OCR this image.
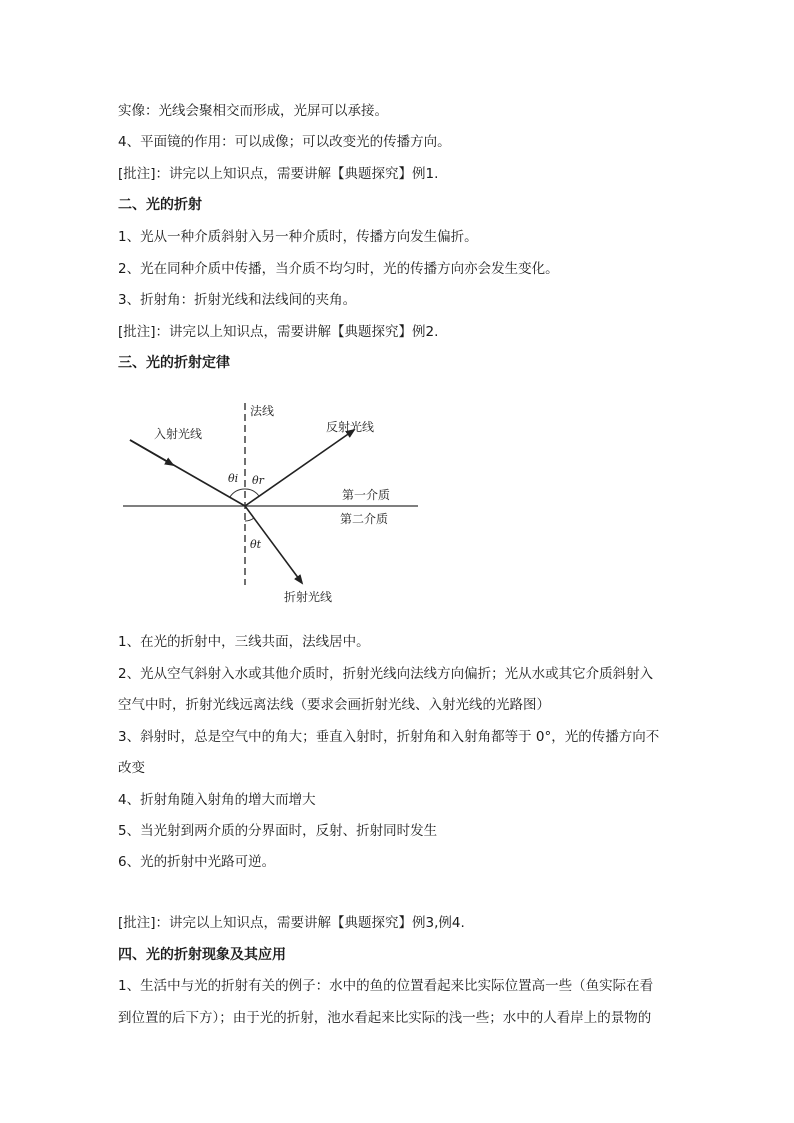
实像：光线会聚相交而形成，光屏可以承接。
4、平面镜的作用：可以成像；可以改变光的传播方向。
[批注]：讲完以上知识点，需要讲解【典题探究】例1.
二、光的折射
1、光从一种介质斜射入另一种介质时，传播方向发生偏折。
2、光在同种介质中传播，当介质不均匀时，光的传播方向亦会发生变化。
3、折射角：折射光线和法线间的夹角。
[批注]：讲完以上知识点，需要讲解【典题探究】例2.
三、光的折射定律
法线
入射光线	反射光线
θi θr
第一介质
第二介质
θt
折射光线
1、在光的折射中，三线共面，法线居中。
2、光从空气斜射入水或其他介质时，折射光线向法线方向偏折；光从水或其它介质斜射入
空气中时，折射光线远离法线（要求会画折射光线、入射光线的光路图）
3、斜射时，总是空气中的角大；垂直入射时，折射角和入射角都等于 0°，光的传播方向不
改变
4、折射角随入射角的增大而增大
5、当光射到两介质的分界面时，反射、折射同时发生
6、光的折射中光路可逆。
[批注]：讲完以上知识点，需要讲解【典题探究】例3,例4.
四、光的折射现象及其应用
1、生活中与光的折射有关的例子：水中的鱼的位置看起来比实际位置高一些（鱼实际在看
到位置的后下方）；由于光的折射，池水看起来比实际的浅一些；水中的人看岸上的景物的
